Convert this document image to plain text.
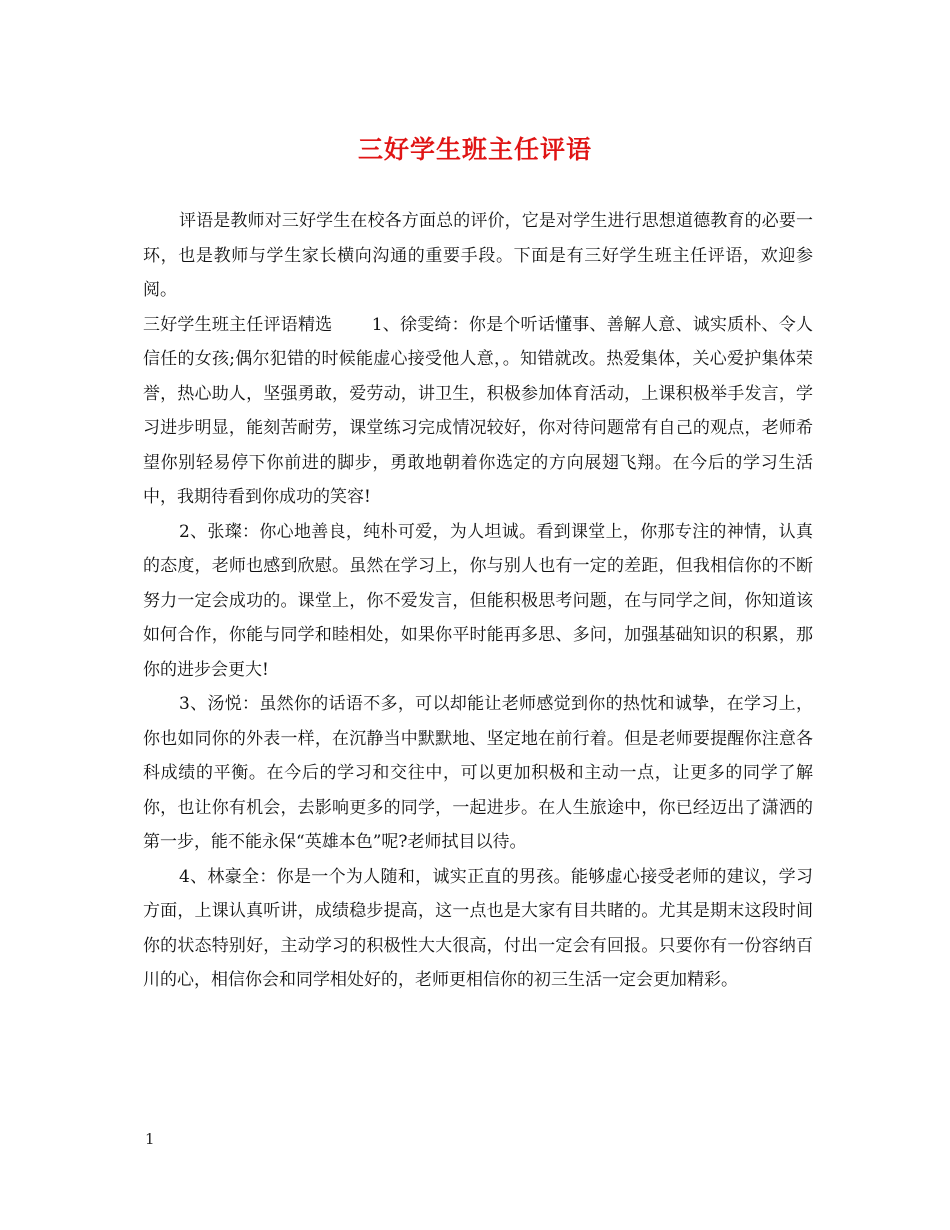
三好学生班主任评语

评语是教师对三好学生在校各方面总的评价，它是对学生进行思想道德教育的必要一环，也是教师与学生家长横向沟通的重要手段。下面是有三好学生班主任评语，欢迎参阅。

三好学生班主任评语精选 1、徐雯绮：你是个听话懂事、善解人意、诚实质朴、令人信任的女孩;偶尔犯错的时候能虚心接受他人意，。知错就改。热爱集体，关心爱护集体荣誉，热心助人，坚强勇敢，爱劳动，讲卫生，积极参加体育活动，上课积极举手发言，学习进步明显，能刻苦耐劳，课堂练习完成情况较好，你对待问题常有自己的观点，老师希望你别轻易停下你前进的脚步，勇敢地朝着你选定的方向展翅飞翔。在今后的学习生活中，我期待看到你成功的笑容!

2、张璨：你心地善良，纯朴可爱，为人坦诚。看到课堂上，你那专注的神情，认真的态度，老师也感到欣慰。虽然在学习上，你与别人也有一定的差距，但我相信你的不断努力一定会成功的。课堂上，你不爱发言，但能积极思考问题，在与同学之间，你知道该如何合作，你能与同学和睦相处，如果你平时能再多思、多问，加强基础知识的积累，那你的进步会更大!

3、汤悦：虽然你的话语不多，可以却能让老师感觉到你的热忱和诚挚，在学习上，你也如同你的外表一样，在沉静当中默默地、坚定地在前行着。但是老师要提醒你注意各科成绩的平衡。在今后的学习和交往中，可以更加积极和主动一点，让更多的同学了解你，也让你有机会，去影响更多的同学，一起进步。在人生旅途中，你已经迈出了潇洒的第一步，能不能永保“英雄本色”呢?老师拭目以待。

4、林豪全：你是一个为人随和，诚实正直的男孩。能够虚心接受老师的建议，学习方面，上课认真听讲，成绩稳步提高，这一点也是大家有目共睹的。尤其是期末这段时间你的状态特别好，主动学习的积极性大大很高，付出一定会有回报。只要你有一份容纳百川的心，相信你会和同学相处好的，老师更相信你的初三生活一定会更加精彩。

1
